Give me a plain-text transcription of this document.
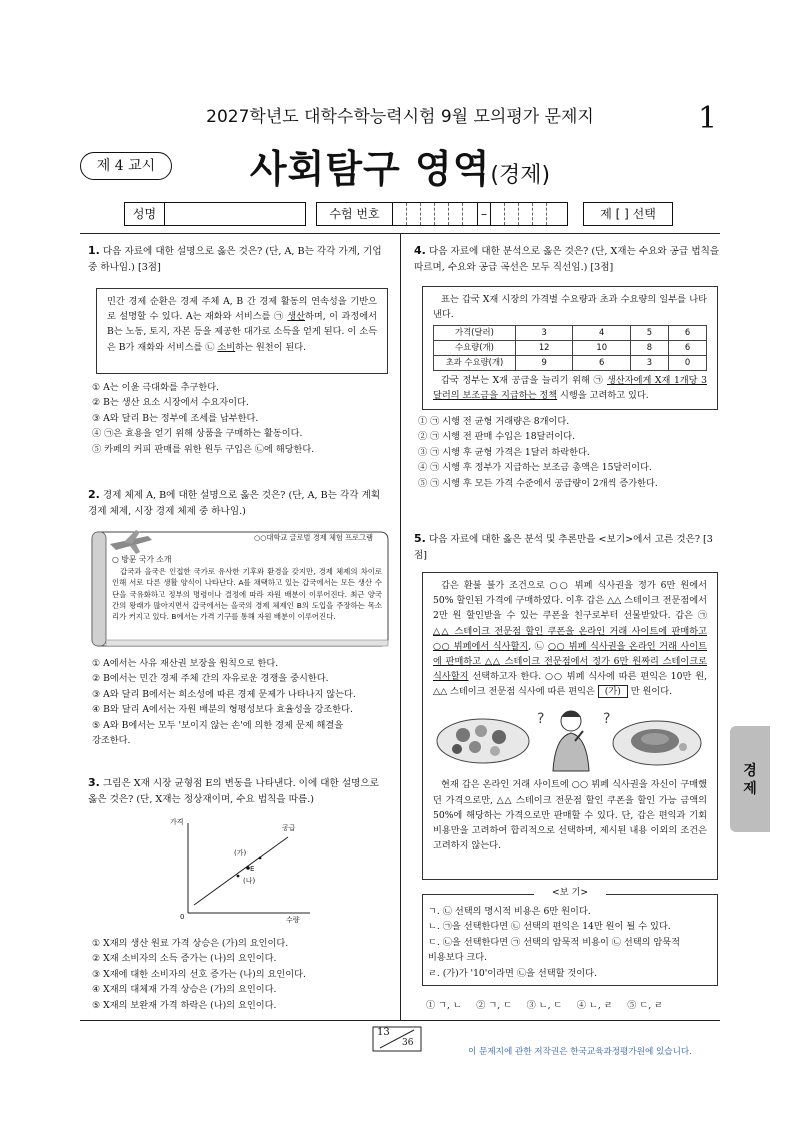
2027학년도 대학수학능력시험 9월 모의평가 문제지	1
제 4 교시	사회탐구 영역(경제)
성명	수험 번호	–	제 [ ] 선택
1. 다음 자료에 대한 설명으로 옳은 것은? (단, A, B는 각각 가계, 기업 중 하나임.) [3점]
민간 경제 순환은 경제 주체 A, B 간 경제 활동의 연속성을 기반으로 설명할 수 있다. A는 재화와 서비스를 ㉠ 생산하며, 이 과정에서 B는 노동, 토지, 자본 등을 제공한 대가로 소득을 얻게 된다. 이 소득은 B가 재화와 서비스를 ㉡ 소비하는 원천이 된다.
① A는 이윤 극대화를 추구한다.
② B는 생산 요소 시장에서 수요자이다.
③ A와 달리 B는 정부에 조세를 납부한다.
④ ㉠은 효용을 얻기 위해 상품을 구매하는 활동이다.
⑤ 카페의 커피 판매를 위한 원두 구입은 ㉡에 해당한다.
2. 경제 체제 A, B에 대한 설명으로 옳은 것은? (단, A, B는 각각 계획 경제 체제, 시장 경제 체제 중 하나임.)
○○대학교 글로벌 경제 체험 프로그램
○ 방문 국가 소개
갑국과 을국은 인접한 국가로 유사한 기후와 환경을 갖지만, 경제 체제의 차이로 인해 서로 다른 생활 양식이 나타난다. A를 채택하고 있는 갑국에서는 모든 생산 수단을 국유화하고 정부의 명령이나 결정에 따라 자원 배분이 이루어진다. 최근 양국 간의 왕래가 많아지면서 갑국에서는 을국의 경제 체제인 B의 도입을 주장하는 목소리가 커지고 있다. B에서는 가격 기구를 통해 자원 배분이 이루어진다.
① A에서는 사유 재산권 보장을 원칙으로 한다.
② B에서는 민간 경제 주체 간의 자유로운 경쟁을 중시한다.
③ A와 달리 B에서는 희소성에 따른 경제 문제가 나타나지 않는다.
④ B와 달리 A에서는 자원 배분의 형평성보다 효율성을 강조한다.
⑤ A와 B에서는 모두 '보이지 않는 손'에 의한 경제 문제 해결을
강조한다.
3. 그림은 X재 시장 균형점 E의 변동을 나타낸다. 이에 대한 설명으로 옳은 것은? (단, X재는 정상재이며, 수요 법칙을 따름.)
가격
수량
0
공급
E
(가)
(나)
① X재의 생산 원료 가격 상승은 (가)의 요인이다.
② X재 소비자의 소득 증가는 (나)의 요인이다.
③ X재에 대한 소비자의 선호 증가는 (나)의 요인이다.
④ X재의 대체재 가격 상승은 (가)의 요인이다.
⑤ X재의 보완재 가격 하락은 (나)의 요인이다.
4. 다음 자료에 대한 분석으로 옳은 것은? (단, X재는 수요와 공급 법칙을 따르며, 수요와 공급 곡선은 모두 직선임.) [3점]
표는 갑국 X재 시장의 가격별 수요량과 초과 수요량의 일부를 나타낸다.
가격(달러)	3	4	5	6
수요량(개)	12	10	8	6
초과 수요량(개)	9	6	3	0
갑국 정부는 X재 공급을 늘리기 위해 ㉠ 생산자에게 X재 1개당 3달러의 보조금을 지급하는 정책 시행을 고려하고 있다.
① ㉠ 시행 전 균형 거래량은 8개이다.
② ㉠ 시행 전 판매 수입은 18달러이다.
③ ㉠ 시행 후 균형 가격은 1달러 하락한다.
④ ㉠ 시행 후 정부가 지급하는 보조금 총액은 15달러이다.
⑤ ㉠ 시행 후 모든 가격 수준에서 공급량이 2개씩 증가한다.
5. 다음 자료에 대한 옳은 분석 및 추론만을 <보기>에서 고른 것은? [3점]
갑은 환불 불가 조건으로 ○○ 뷔페 식사권을 정가 6만 원에서 50% 할인된 가격에 구매하였다. 이후 갑은 △△ 스테이크 전문점에서 2만 원 할인받을 수 있는 쿠폰을 친구로부터 선물받았다. 갑은 ㉠ △△ 스테이크 전문점 할인 쿠폰을 온라인 거래 사이트에 판매하고 ○○ 뷔페에서 식사할지, ㉡ ○○ 뷔페 식사권을 온라인 거래 사이트에 판매하고 △△ 스테이크 전문점에서 정가 6만 원짜리 스테이크로 식사할지 선택하고자 한다. ○○ 뷔페 식사에 따른 편익은 10만 원, △△ 스테이크 전문점 식사에 따른 편익은 (가) 만 원이다.
?	?
현재 갑은 온라인 거래 사이트에 ○○ 뷔페 식사권을 자신이 구매했던 가격으로만, △△ 스테이크 전문점 할인 쿠폰을 할인 가능 금액의 50%에 해당하는 가격으로만 판매할 수 있다. 단, 갑은 편익과 기회비용만을 고려하여 합리적으로 선택하며, 제시된 내용 이외의 조건은 고려하지 않는다.
<보 기>
ㄱ. ㉡ 선택의 명시적 비용은 6만 원이다.
ㄴ. ㉠을 선택한다면 ㉡ 선택의 편익은 14만 원이 될 수 있다.
ㄷ. ㉡을 선택한다면 ㉠ 선택의 암묵적 비용이 ㉡ 선택의 암묵적
비용보다 크다.
ㄹ. (가)가 '10'이라면 ㉡을 선택할 것이다.
① ㄱ, ㄴ     ② ㄱ, ㄷ     ③ ㄴ, ㄷ     ④ ㄴ, ㄹ     ⑤ ㄷ, ㄹ
경
제
13
36
이 문제지에 관한 저작권은 한국교육과정평가원에 있습니다.
